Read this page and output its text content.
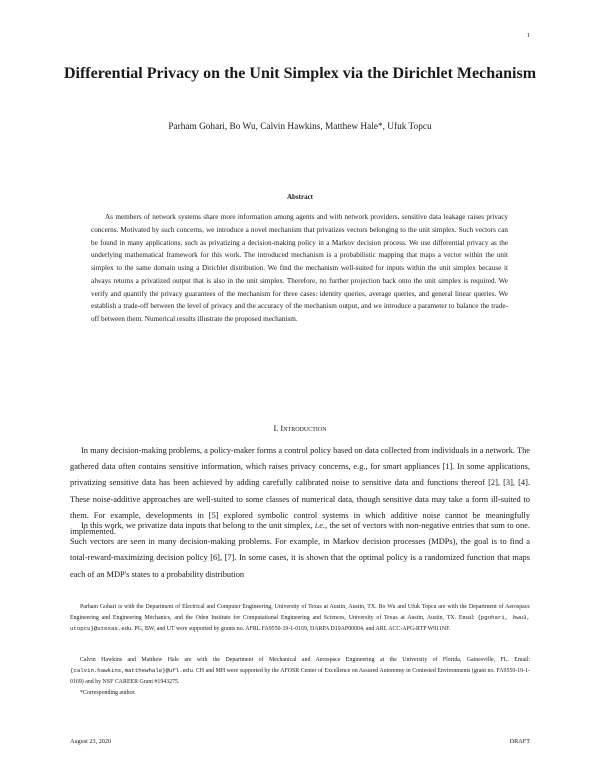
1
Differential Privacy on the Unit Simplex via the Dirichlet Mechanism
Parham Gohari, Bo Wu, Calvin Hawkins, Matthew Hale*, Ufuk Topcu
Abstract

As members of network systems share more information among agents and with network providers, sensitive data leakage raises privacy concerns. Motivated by such concerns, we introduce a novel mechanism that privatizes vectors belonging to the unit simplex. Such vectors can be found in many applications, such as privatizing a decision-making policy in a Markov decision process. We use differential privacy as the underlying mathematical framework for this work. The introduced mechanism is a probabilistic mapping that maps a vector within the unit simplex to the same domain using a Dirichlet distribution. We find the mechanism well-suited for inputs within the unit simplex because it always returns a privatized output that is also in the unit simplex. Therefore, no further projection back onto the unit simplex is required. We verify and quantify the privacy guarantees of the mechanism for three cases: identity queries, average queries, and general linear queries. We establish a trade-off between the level of privacy and the accuracy of the mechanism output, and we introduce a parameter to balance the trade-off between them. Numerical results illustrate the proposed mechanism.

I. Introduction

In many decision-making problems, a policy-maker forms a control policy based on data collected from individuals in a network. The gathered data often contains sensitive information, which raises privacy concerns, e.g., for smart appliances [1]. In some applications, privatizing sensitive data has been achieved by adding carefully calibrated noise to sensitive data and functions thereof [2], [3], [4]. These noise-additive approaches are well-suited to some classes of numerical data, though sensitive data may take a form ill-suited to them. For example, developments in [5] explored symbolic control systems in which additive noise cannot be meaningfully implemented.

In this work, we privatize data inputs that belong to the unit simplex, i.e., the set of vectors with non-negative entries that sum to one. Such vectors are seen in many decision-making problems. For example, in Markov decision processes (MDPs), the goal is to find a total-reward-maximizing decision policy [6], [7]. In some cases, it is shown that the optimal policy is a randomized function that maps each of an MDP's states to a probability distribution

Parham Gohari is with the Department of Electrical and Computer Engineering, University of Texas at Austin, Austin, TX. Bo Wu and Ufuk Topcu are with the Department of Aerospace Engineering and Engineering Mechanics, and the Oden Institute for Computational Engineering and Sciences, University of Texas at Austin, Austin, TX. Email: {pgohari, bwu3, utopcu}@utexas.edu. PG, BW, and UT were supported by grants no. AFRL FA9550-19-1-0169, DARPA D19AP00004, and ARL ACC-APG-RTP W911NF.

Calvin Hawkins and Matthew Hale are with the Department of Mechanical and Aerospace Engineering at the University of Florida, Gainesville, FL. Email: {calvin.hawkins,matthewhale}@ufl.edu. CH and MH were supported by the AFOSR Center of Excellence on Assured Autonomy in Contested Environments (grant no. FA9550-19-1-0169) and by NSF CAREER Grant #1943275.

*Corresponding author.

August 23, 2020	DRAFT
